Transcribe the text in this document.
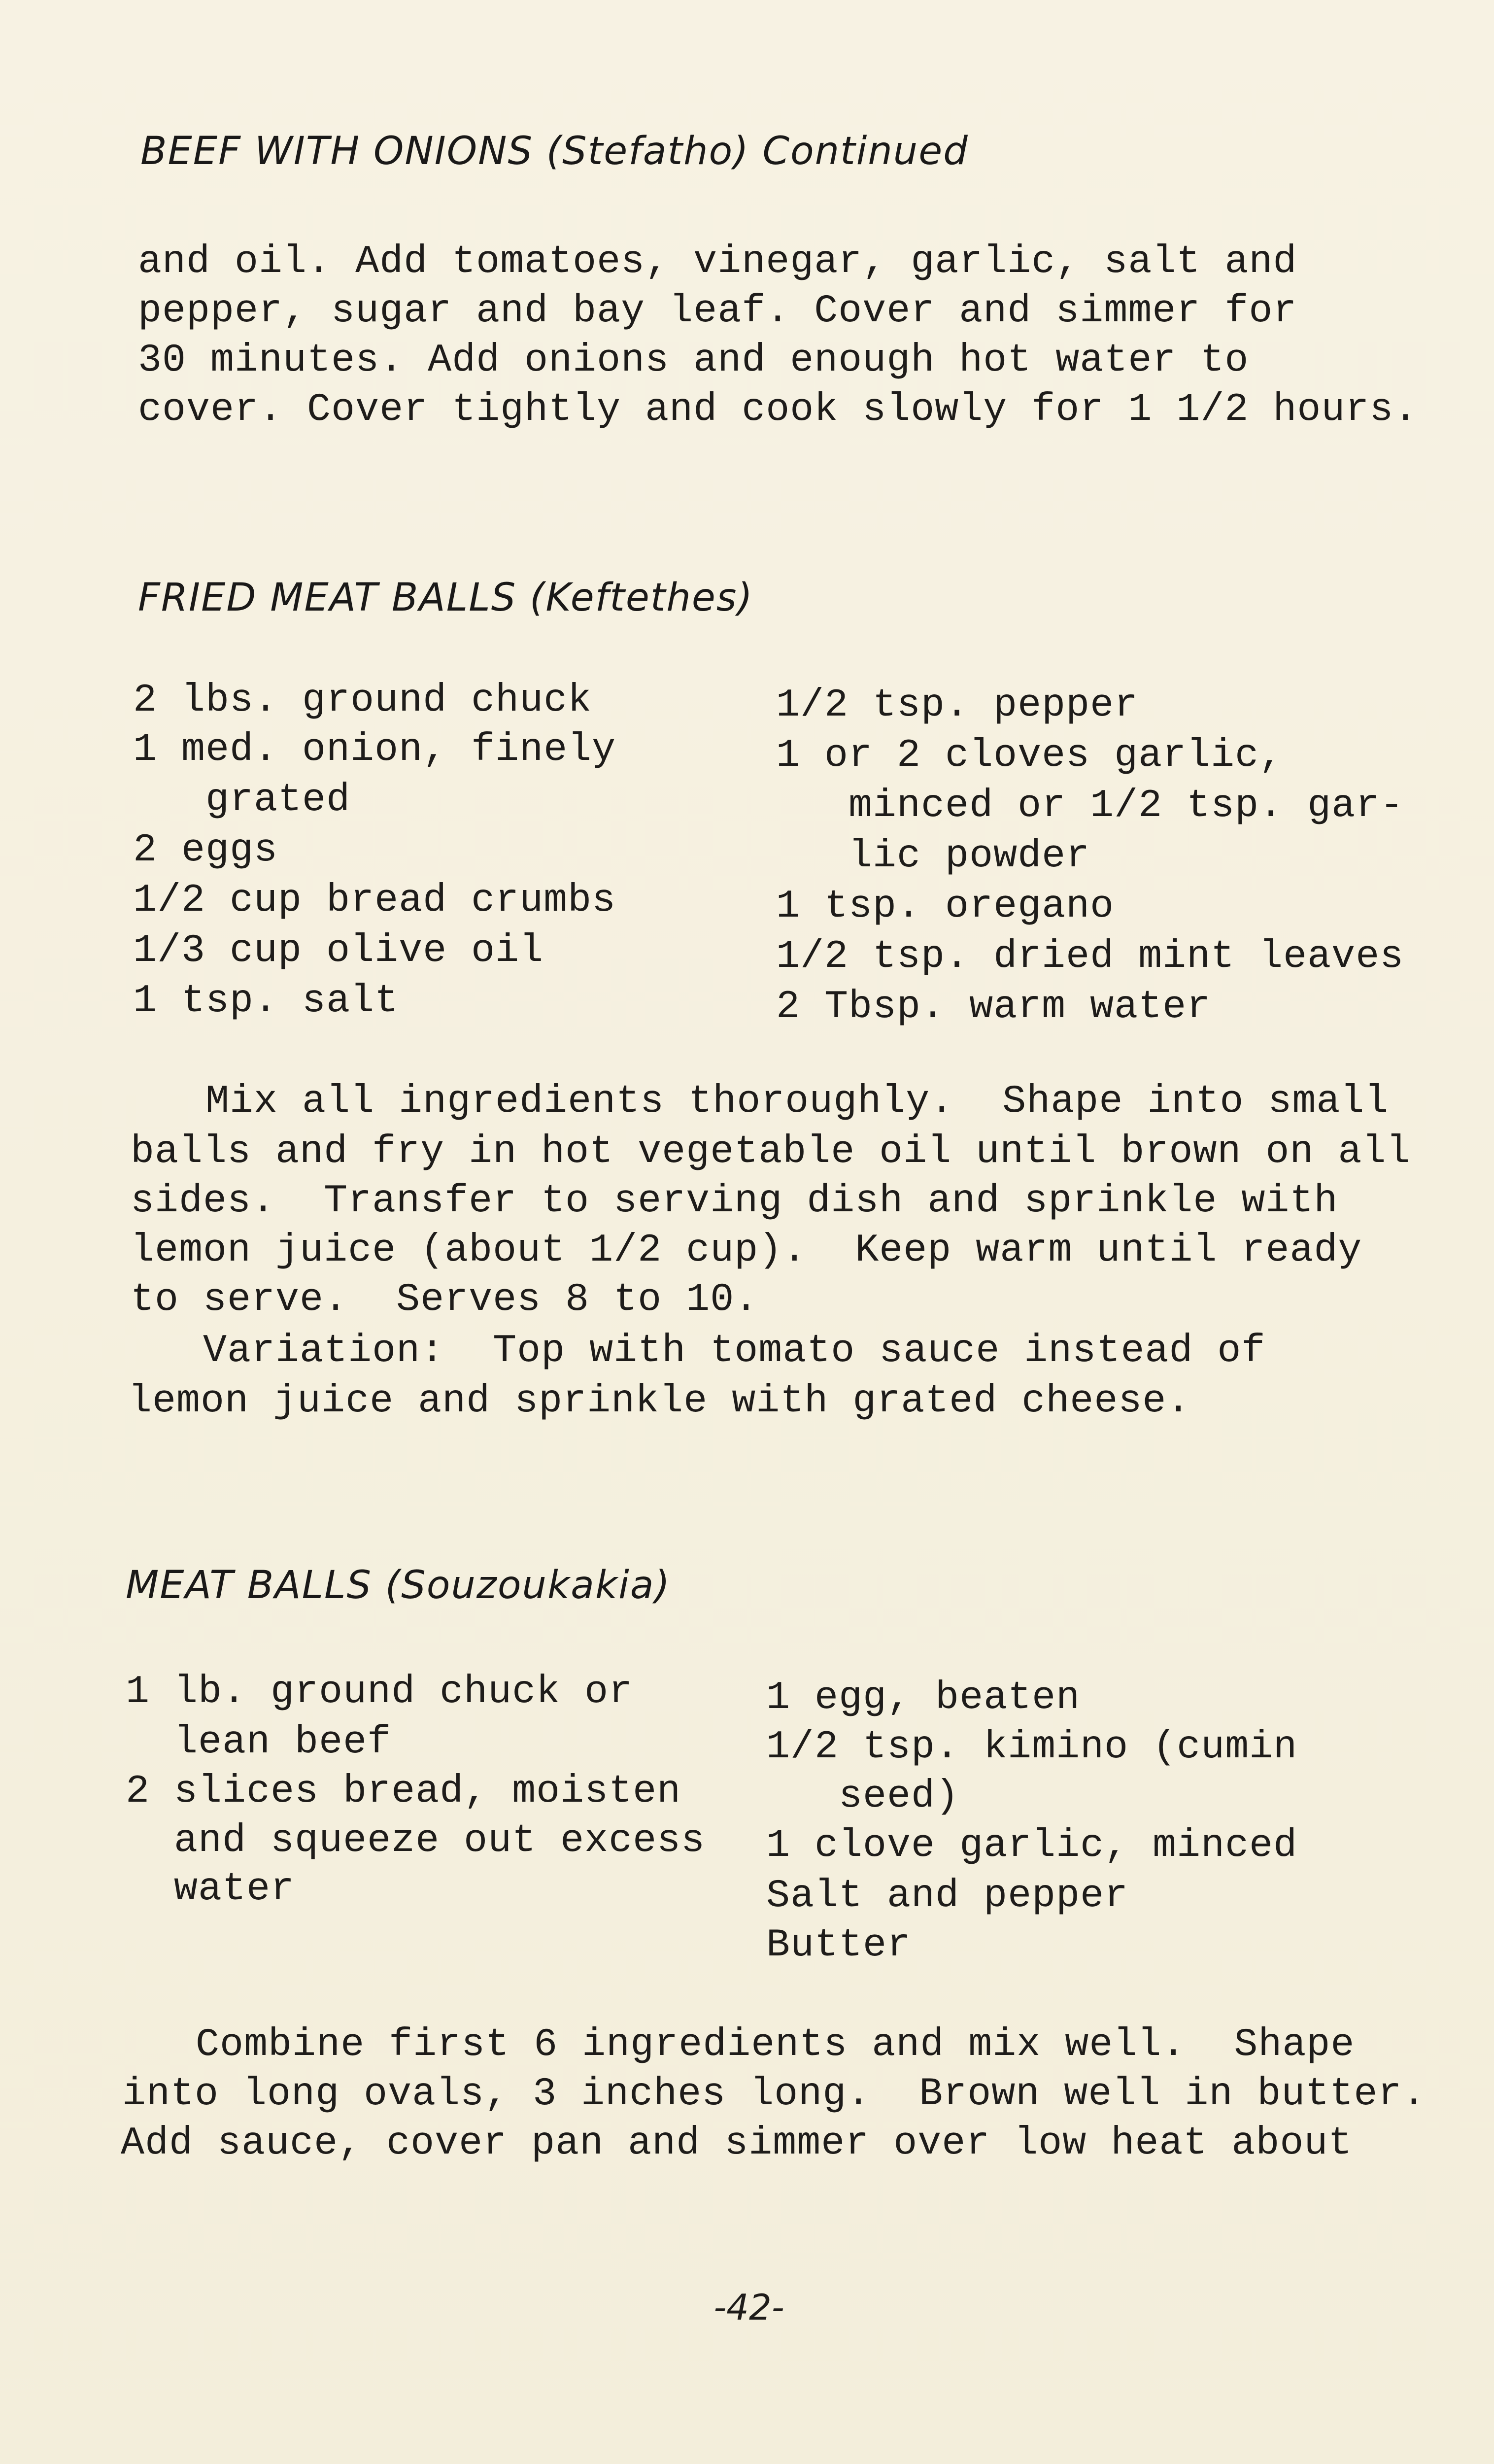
BEEF WITH ONIONS (Stefatho) Continued
and oil. Add tomatoes, vinegar, garlic, salt and
pepper, sugar and bay leaf. Cover and simmer for
30 minutes. Add onions and enough hot water to
cover. Cover tightly and cook slowly for 1 1/2 hours.
FRIED MEAT BALLS (Keftethes)
2 lbs. ground chuck
1 med. onion, finely
grated
2 eggs
1/2 cup bread crumbs
1/3 cup olive oil
1 tsp. salt
1/2 tsp. pepper
1 or 2 cloves garlic,
minced or 1/2 tsp. gar-
lic powder
1 tsp. oregano
1/2 tsp. dried mint leaves
2 Tbsp. warm water
Mix all ingredients thoroughly.  Shape into small
balls and fry in hot vegetable oil until brown on all
sides.  Transfer to serving dish and sprinkle with
lemon juice (about 1/2 cup).  Keep warm until ready
to serve.  Serves 8 to 10.
Variation:  Top with tomato sauce instead of
lemon juice and sprinkle with grated cheese.
MEAT BALLS (Souzoukakia)
1 lb. ground chuck or
lean beef
2 slices bread, moisten
and squeeze out excess
water
1 egg, beaten
1/2 tsp. kimino (cumin
seed)
1 clove garlic, minced
Salt and pepper
Butter
Combine first 6 ingredients and mix well.  Shape
into long ovals, 3 inches long.  Brown well in butter.
Add sauce, cover pan and simmer over low heat about
-42-
